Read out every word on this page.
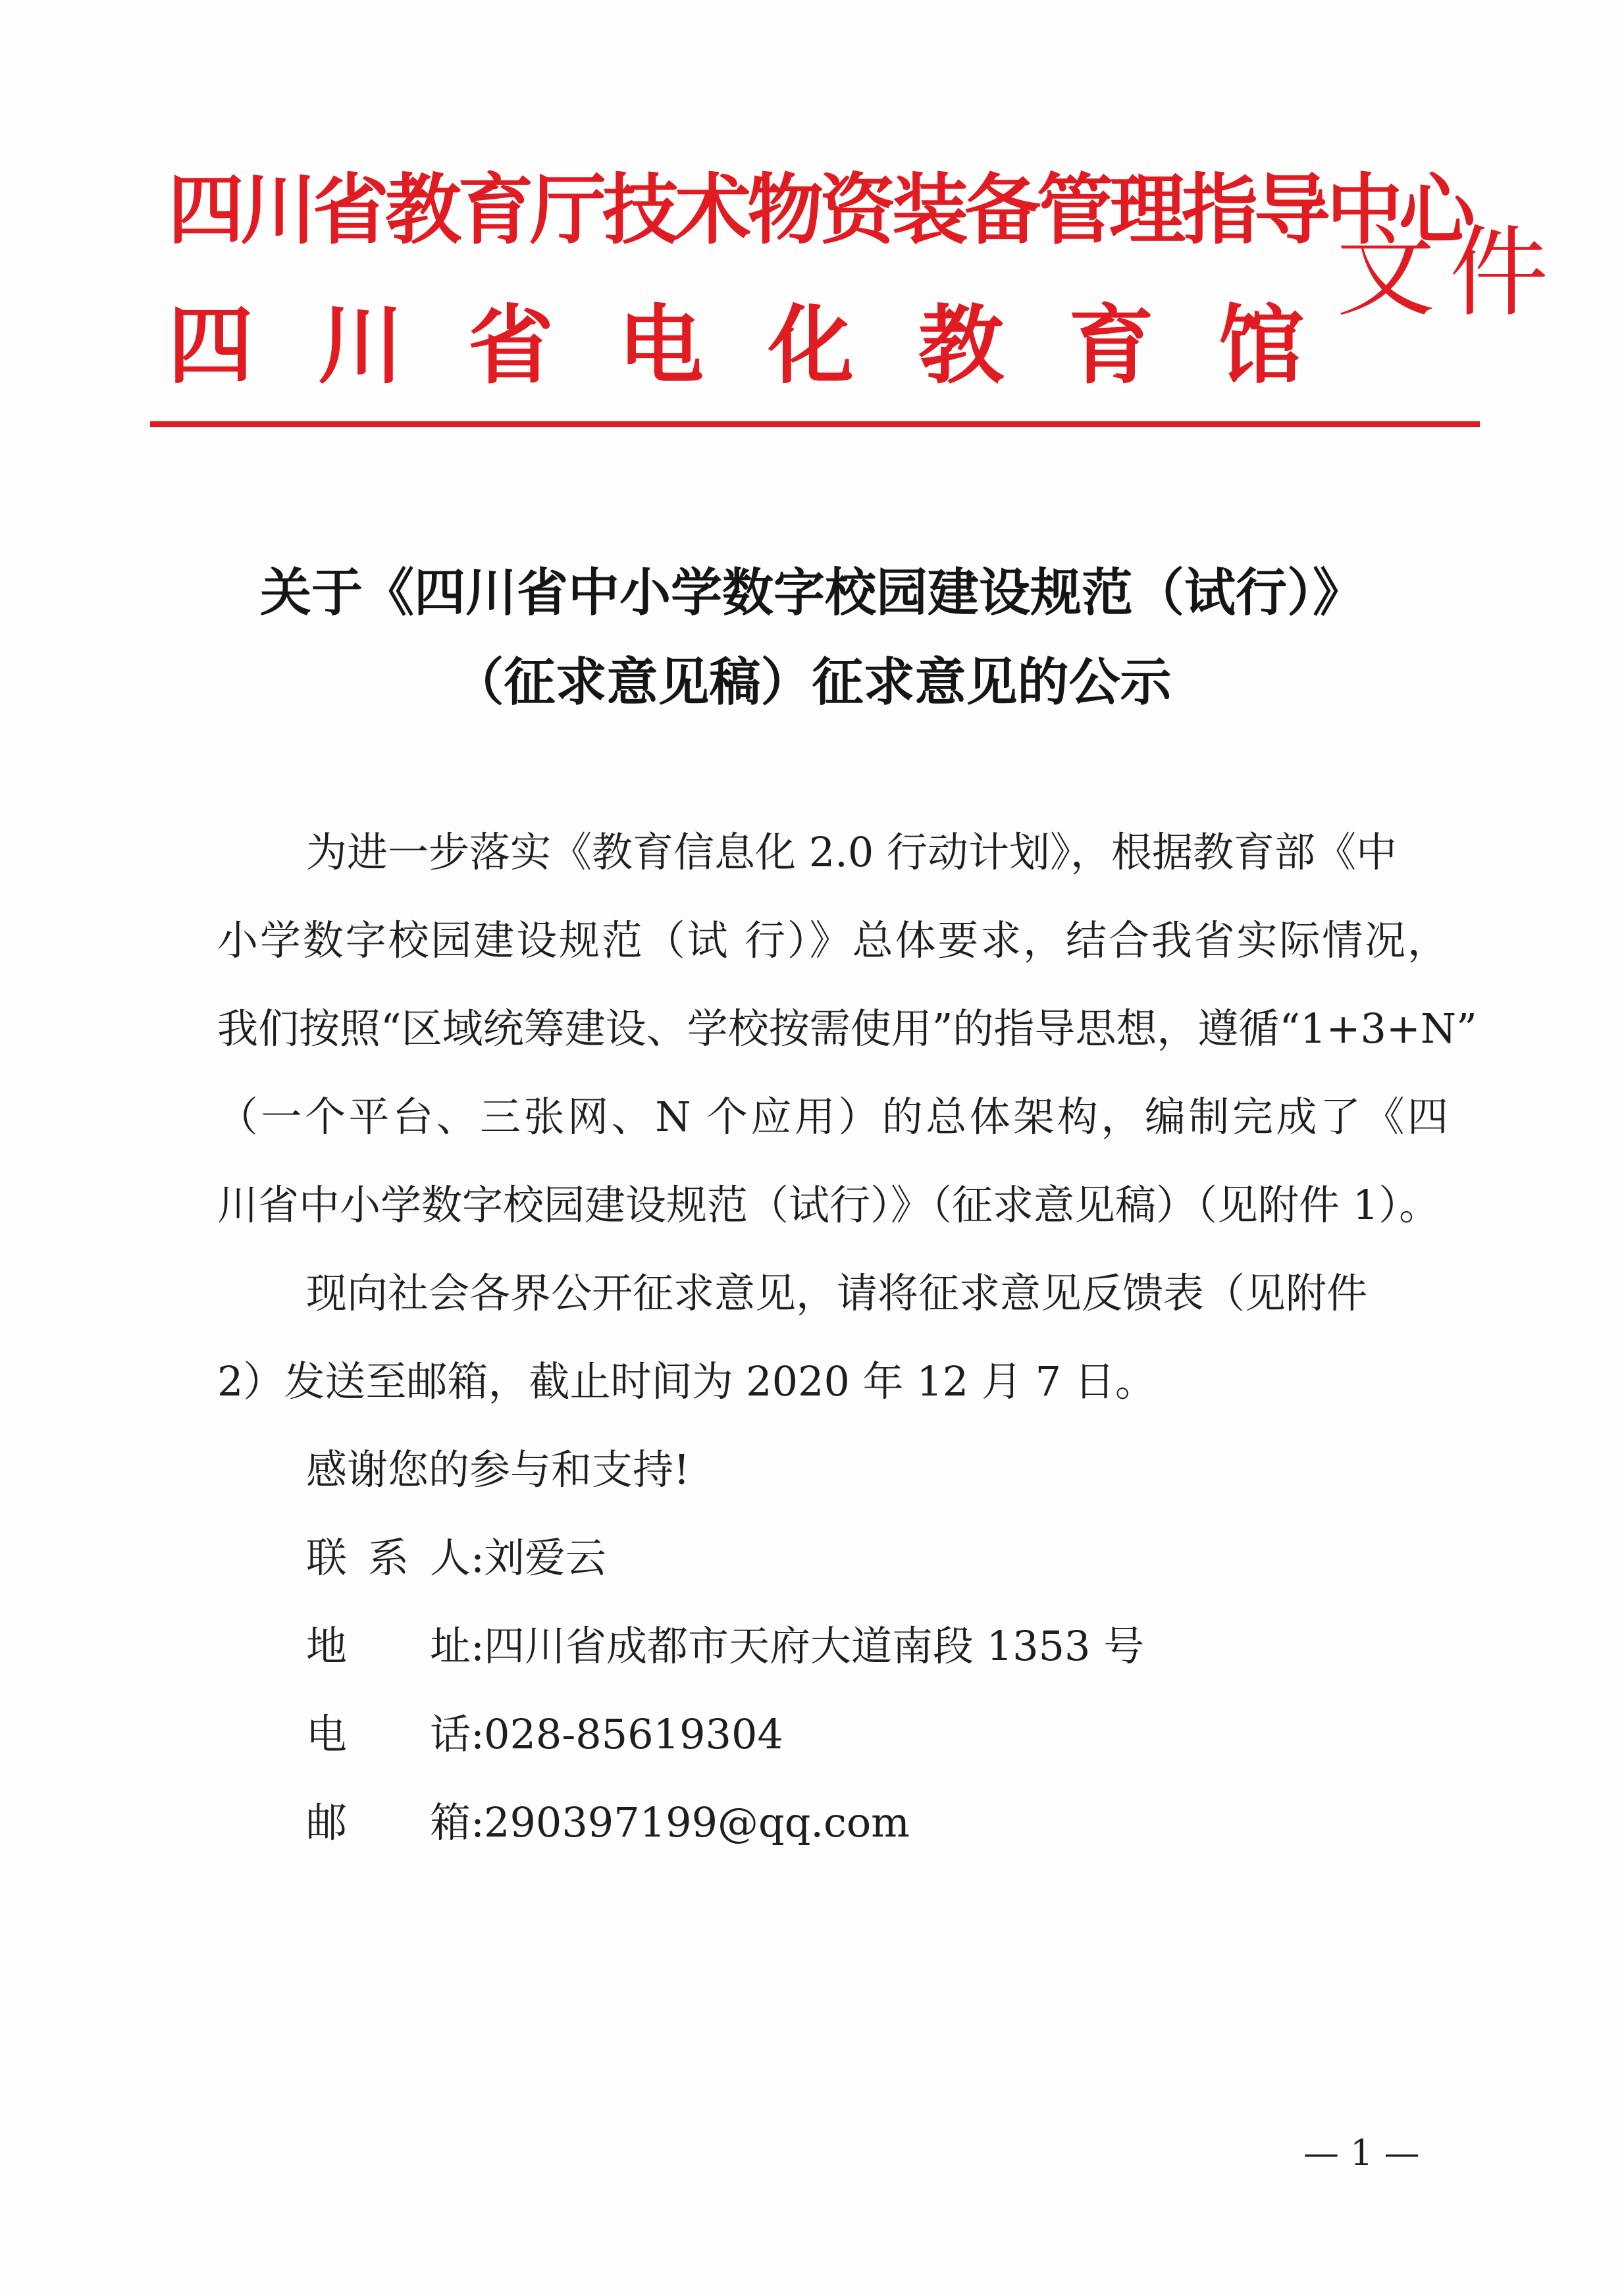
四川省教育厅技术物资装备管理指导中心
四川省电化教育馆
文件
关于《四川省中小学数字校园建设规范（试行）》
（征求意见稿）征求意见的公示
为进一步落实《教育信息化 2.0 行动计划》，根据教育部《中
小学数字校园建设规范（试 行）》总体要求，结合我省实际情况，
我们按照“区域统筹建设、学校按需使用”的指导思想，遵循“1+3+N”
（一个平台、三张网、N 个应用）的总体架构，编制完成了《四
川省中小学数字校园建设规范（试行）》（征求意见稿）（见附件 1）。
现向社会各界公开征求意见，请将征求意见反馈表（见附件
2）发送至邮箱，截止时间为 2020 年 12 月 7 日。
感谢您的参与和支持!
联系人:刘爱云
地址:四川省成都市天府大道南段 1353 号
电话:028-85619304
邮箱:290397199@qq.com
— 1 —
